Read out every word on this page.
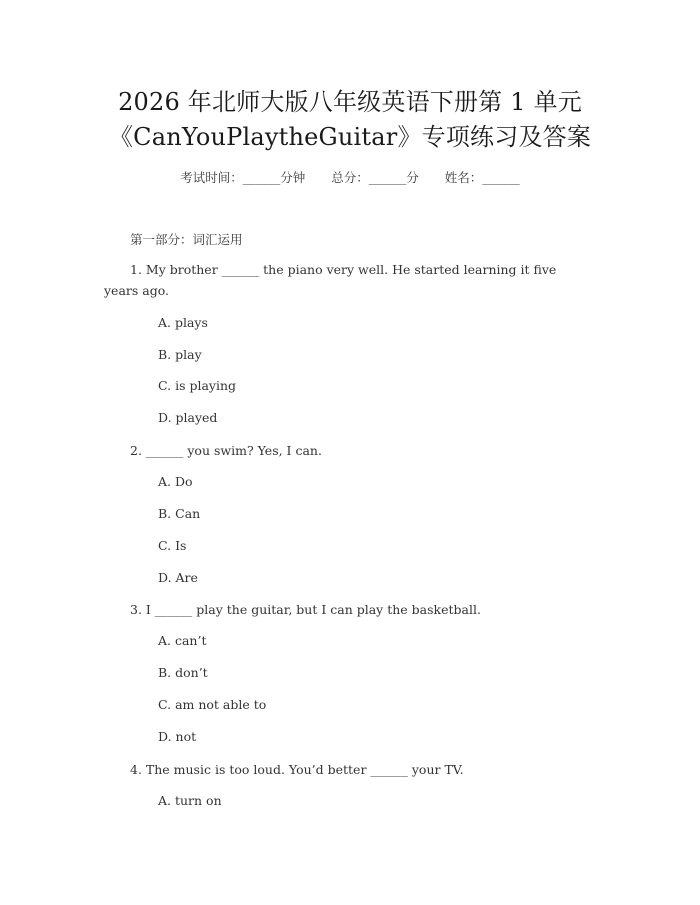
2026 年北师大版八年级英语下册第 1 单元
《CanYouPlaytheGuitar》专项练习及答案
考试时间：______分钟 总分：______分 姓名：______
第一部分：词汇运用
1. My brother ______ the piano very well. He started learning it five years ago.
A. plays
B. play
C. is playing
D. played
2. ______ you swim? Yes, I can.
A. Do
B. Can
C. Is
D. Are
3. I ______ play the guitar, but I can play the basketball.
A. can’t
B. don’t
C. am not able to
D. not
4. The music is too loud. You’d better ______ your TV.
A. turn on
